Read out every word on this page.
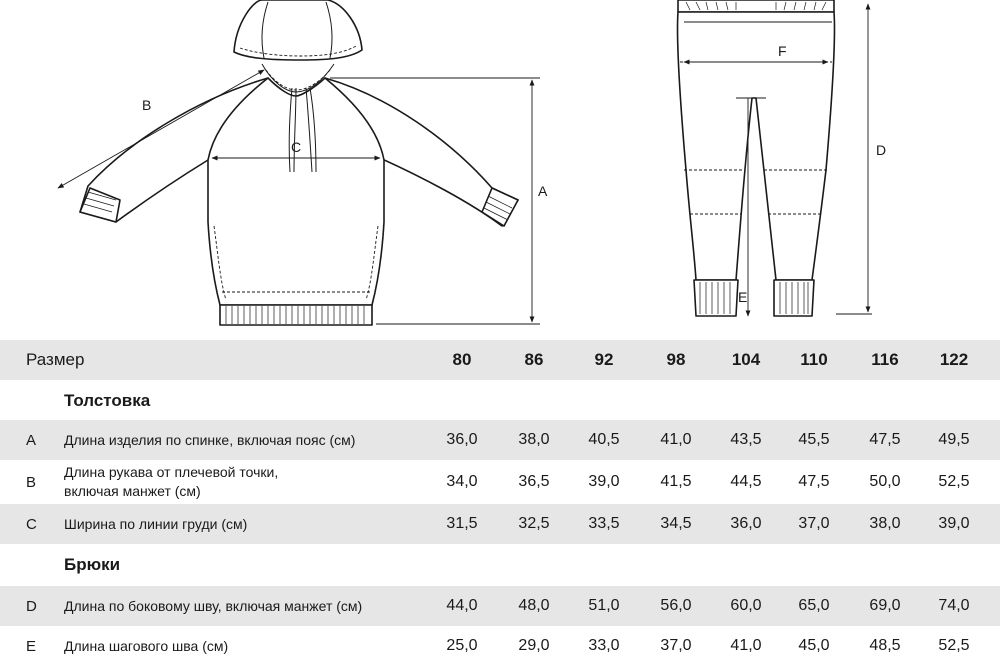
A
B
C	D
E
F
Размер	80	86	92	98	104	110	116	122
Толстовка
A Длина изделия по спинке, включая пояс (см)	36,0	38,0	40,5	41,0	43,5	45,5	47,5	49,5
B
Длина рукава от плечевой точки,
включая манжет (см)
34,0	36,5	39,0	41,5	44,5	47,5	50,0	52,5
C Ширина по линии груди (см)	31,5	32,5	33,5	34,5	36,0	37,0	38,0	39,0
Брюки
D Длина по боковому шву, включая манжет (см)	44,0	48,0	51,0	56,0	60,0	65,0	69,0	74,0
E Длина шагового шва (см)	25,0	29,0	33,0	37,0	41,0	45,0	48,5	52,5
